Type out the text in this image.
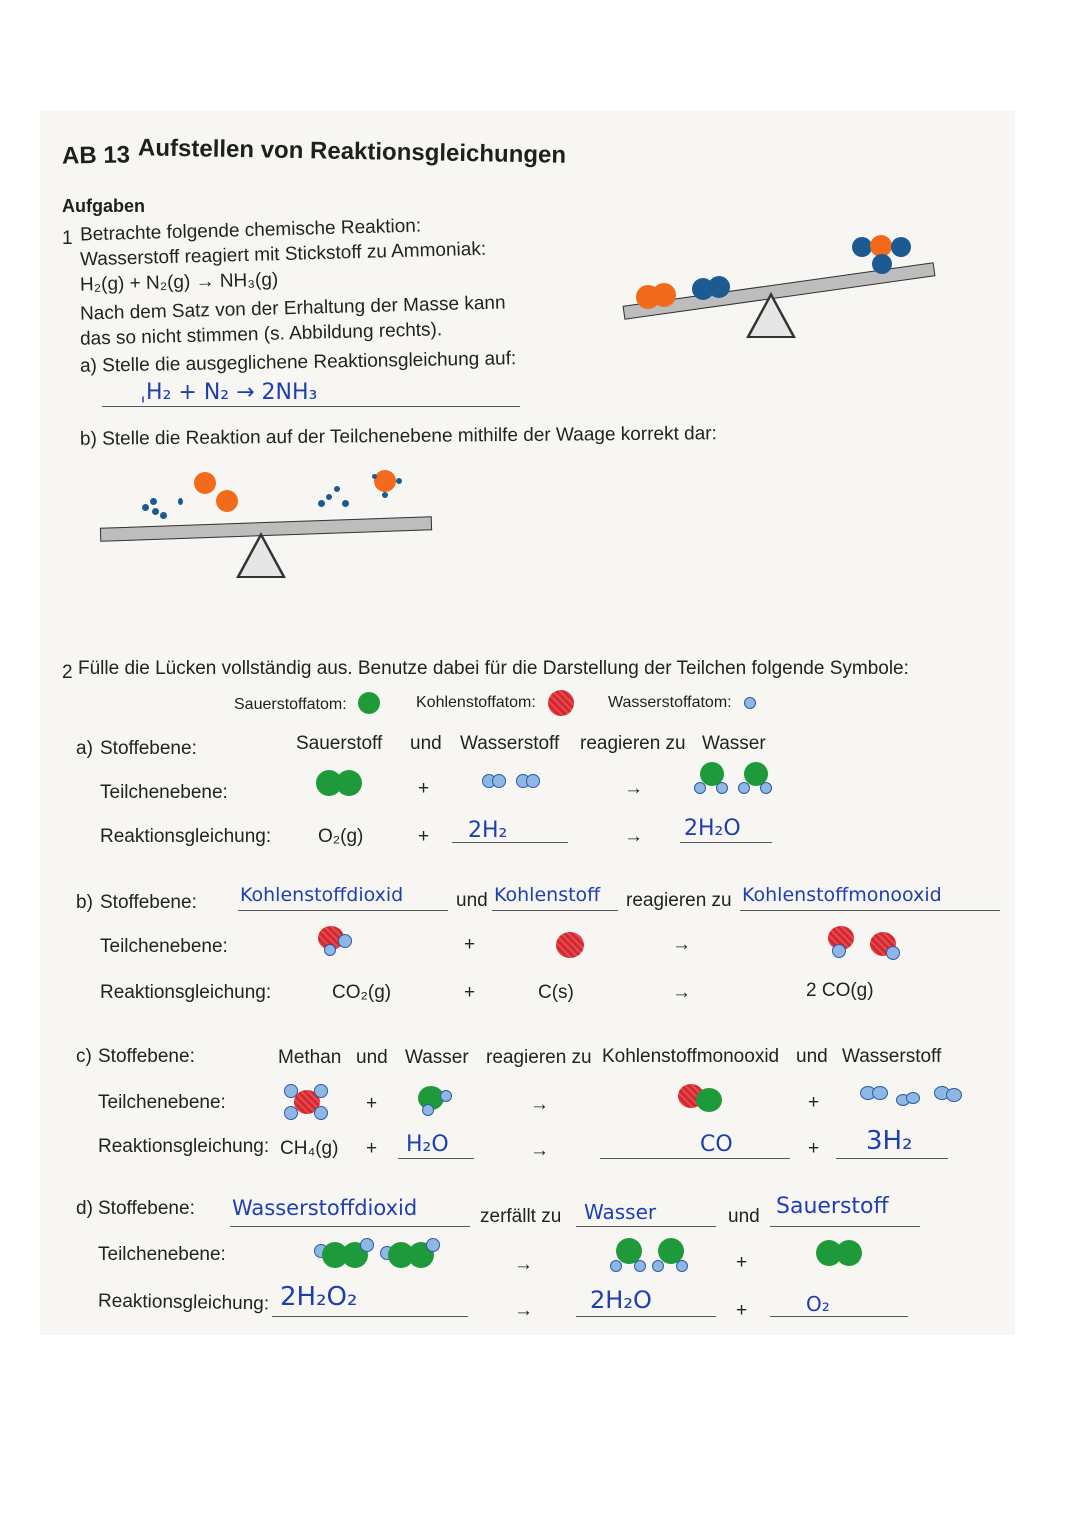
AB 13 Aufstellen von Reaktionsgleichungen
Aufgaben
1 Betrachte folgende chemische Reaktion:
Wasserstoff reagiert mit Stickstoff zu Ammoniak:
H₂(g) + N₂(g) → NH₃(g)
Nach dem Satz von der Erhaltung der Masse kann
das so nicht stimmen (s. Abbildung rechts).
a) Stelle die ausgeglichene Reaktionsgleichung auf:
ˌH₂ + N₂ → 2NH₃
b) Stelle die Reaktion auf der Teilchenebene mithilfe der Waage korrekt dar:
2 Fülle die Lücken vollständig aus. Benutze dabei für die Darstellung der Teilchen folgende Symbole:
Sauerstoffatom:	Kohlenstoffatom:	Wasserstoffatom:
a) Stoffebene:	Sauerstoff und Wasserstoff reagieren zu Wasser
Teilchenebene:	+	→
Reaktionsgleichung: O₂(g)	+ 2H₂	→ 2H₂O
b) Stoffebene: Kohlenstoffdioxid	und Kohlenstoff reagieren zu Kohlenstoffmonooxid
Teilchenebene:	+	→
Reaktionsgleichung:	CO₂(g)	+	C(s)	→	2 CO(g)
c) Stoffebene:	Methan und Wasser reagieren zu Kohlenstoffmonooxid und Wasserstoff
Teilchenebene:	+	→	+
Reaktionsgleichung: CH₄(g) + H₂O	→	CO	+ 3H₂
d) Stoffebene: Wasserstoffdioxid	zerfällt zu Wasser	und Sauerstoff
Teilchenebene:	→	+
Reaktionsgleichung: 2H₂O₂	→ 2H₂O	+	O₂
